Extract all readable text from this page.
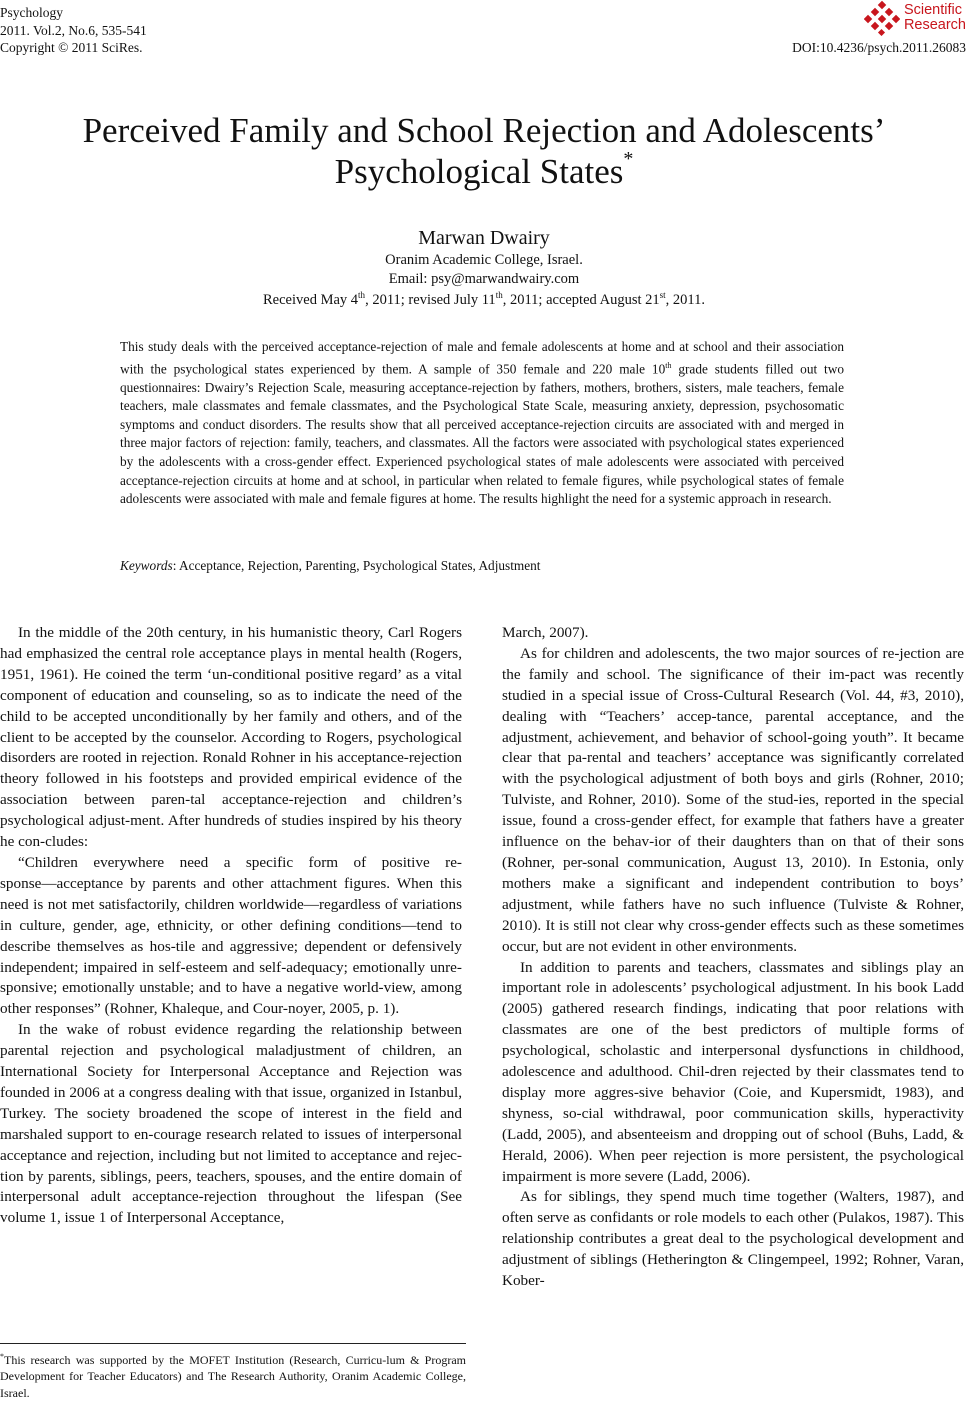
Psychology
2011. Vol.2, No.6, 535-541
Copyright © 2011 SciRes.
Scientific
Research
DOI:10.4236/psych.2011.26083
Perceived Family and School Rejection and Adolescents’
Psychological States*
Marwan Dwairy
Oranim Academic College, Israel.
Email: psy@marwandwairy.com
Received May 4th, 2011; revised July 11th, 2011; accepted August 21st, 2011.
This study deals with the perceived acceptance-rejection of male and female adolescents at home and at school and their association with the psychological states experienced by them. A sample of 350 female and 220 male 10th grade students filled out two questionnaires: Dwairy’s Rejection Scale, measuring acceptance-rejection by fathers, mothers, brothers, sisters, male teachers, female teachers, male classmates and female classmates, and the Psychological State Scale, measuring anxiety, depression, psychosomatic symptoms and conduct disorders. The results show that all perceived acceptance-rejection circuits are associated with and merged in three major factors of rejection: family, teachers, and classmates. All the factors were associated with psychological states experienced by the adolescents with a cross-gender effect. Experienced psychological states of male adolescents were associated with perceived acceptance-rejection circuits at home and at school, in particular when related to female figures, while psychological states of female adolescents were associated with male and female figures at home. The results highlight the need for a systemic approach in research.
Keywords: Acceptance, Rejection, Parenting, Psychological States, Adjustment

In the middle of the 20th century, in his humanistic theory, Carl Rogers had emphasized the central role acceptance plays in mental health (Rogers, 1951, 1961). He coined the term ‘un-conditional positive regard’ as a vital component of education and counseling, so as to indicate the need of the child to be accepted unconditionally by her family and others, and of the client to be accepted by the counselor. According to Rogers, psychological disorders are rooted in rejection. Ronald Rohner in his acceptance-rejection theory followed in his footsteps and provided empirical evidence of the association between paren-tal acceptance-rejection and children’s psychological adjust-ment. After hundreds of studies inspired by his theory he con-cludes:

“Children everywhere need a specific form of positive re-sponse―acceptance by parents and other attachment figures. When this need is not met satisfactorily, children worldwide―regardless of variations in culture, gender, age, ethnicity, or other defining conditions―tend to describe themselves as hos-tile and aggressive; dependent or defensively independent; impaired in self-esteem and self-adequacy; emotionally unre-sponsive; emotionally unstable; and to have a negative world-view, among other responses” (Rohner, Khaleque, and Cour-noyer, 2005, p. 1).

In the wake of robust evidence regarding the relationship between parental rejection and psychological maladjustment of children, an International Society for Interpersonal Acceptance and Rejection was founded in 2006 at a congress dealing with that issue, organized in Istanbul, Turkey. The society broadened the scope of interest in the field and marshaled support to en-courage research related to issues of interpersonal acceptance and rejection, including but not limited to acceptance and rejec-tion by parents, siblings, peers, teachers, spouses, and the entire domain of interpersonal adult acceptance-rejection throughout the lifespan (See volume 1, issue 1 of Interpersonal Acceptance,

March, 2007).

As for children and adolescents, the two major sources of re-jection are the family and school. The significance of their im-pact was recently studied in a special issue of Cross-Cultural Research (Vol. 44, #3, 2010), dealing with “Teachers’ accep-tance, parental acceptance, and the adjustment, achievement, and behavior of school-going youth”. It became clear that pa-rental and teachers’ acceptance was significantly correlated with the psychological adjustment of both boys and girls (Rohner, 2010; Tulviste, and Rohner, 2010). Some of the stud-ies, reported in the special issue, found a cross-gender effect, for example that fathers have a greater influence on the behav-ior of their daughters than on that of their sons (Rohner, per-sonal communication, August 13, 2010). In Estonia, only mothers make a significant and independent contribution to boys’ adjustment, while fathers have no such influence (Tulviste & Rohner, 2010). It is still not clear why cross-gender effects such as these sometimes occur, but are not evident in other environments.

In addition to parents and teachers, classmates and siblings play an important role in adolescents’ psychological adjustment. In his book Ladd (2005) gathered research findings, indicating that poor relations with classmates are one of the best predictors of multiple forms of psychological, scholastic and interpersonal dysfunctions in childhood, adolescence and adulthood. Chil-dren rejected by their classmates tend to display more aggres-sive behavior (Coie, and Kupersmidt, 1983), and shyness, so-cial withdrawal, poor communication skills, hyperactivity (Ladd, 2005), and absenteeism and dropping out of school (Buhs, Ladd, & Herald, 2006). When peer rejection is more persistent, the psychological impairment is more severe (Ladd, 2006).

As for siblings, they spend much time together (Walters, 1987), and often serve as confidants or role models to each other (Pulakos, 1987). This relationship contributes a great deal to the psychological development and adjustment of siblings (Hetherington & Clingempeel, 1992; Rohner, Varan, Kober-

*This research was supported by the MOFET Institution (Research, Curricu-lum & Program Development for Teacher Educators) and The Research Authority, Oranim Academic College, Israel.
